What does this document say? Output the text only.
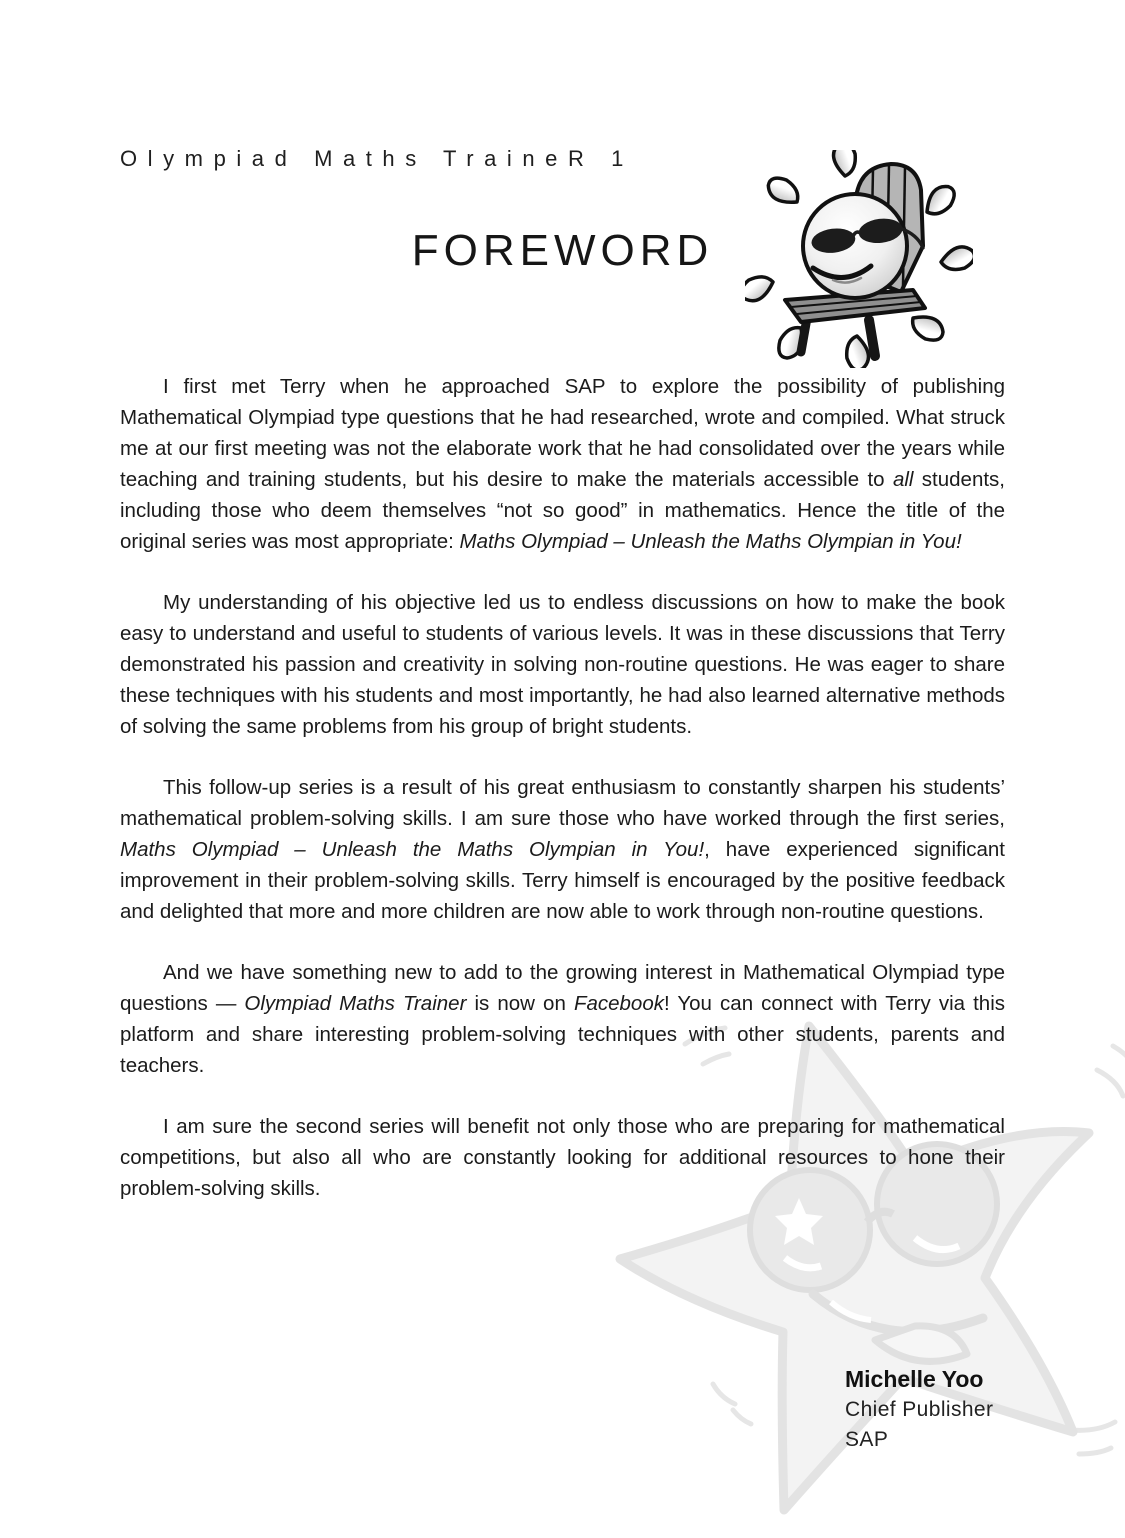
Olympiad Maths TraineR 1
FOREWORD

I first met Terry when he approached SAP to explore the possibility of publishing Mathematical Olympiad type questions that he had researched, wrote and compiled. What struck me at our first meeting was not the elaborate work that he had consolidated over the years while teaching and training students, but his desire to make the materials accessible to all students, including those who deem themselves “not so good” in mathematics. Hence the title of the original series was most appropriate: Maths Olympiad – Unleash the Maths Olympian in You!

My understanding of his objective led us to endless discussions on how to make the book easy to understand and useful to students of various levels. It was in these discussions that Terry demonstrated his passion and creativity in solving non-routine questions. He was eager to share these techniques with his students and most importantly, he had also learned alternative methods of solving the same problems from his group of bright students.

This follow-up series is a result of his great enthusiasm to constantly sharpen his students’ mathematical problem-solving skills. I am sure those who have worked through the first series, Maths Olympiad – Unleash the Maths Olympian in You!, have experienced significant improvement in their problem-solving skills. Terry himself is encouraged by the positive feedback and delighted that more and more children are now able to work through non-routine questions.

And we have something new to add to the growing interest in Mathematical Olympiad type questions — Olympiad Maths Trainer is now on Facebook! You can connect with Terry via this platform and share interesting problem-solving techniques with other students, parents and teachers.

I am sure the second series will benefit not only those who are preparing for mathematical competitions, but also all who are constantly looking for additional resources to hone their problem-solving skills.

Michelle Yoo
Chief Publisher
SAP
